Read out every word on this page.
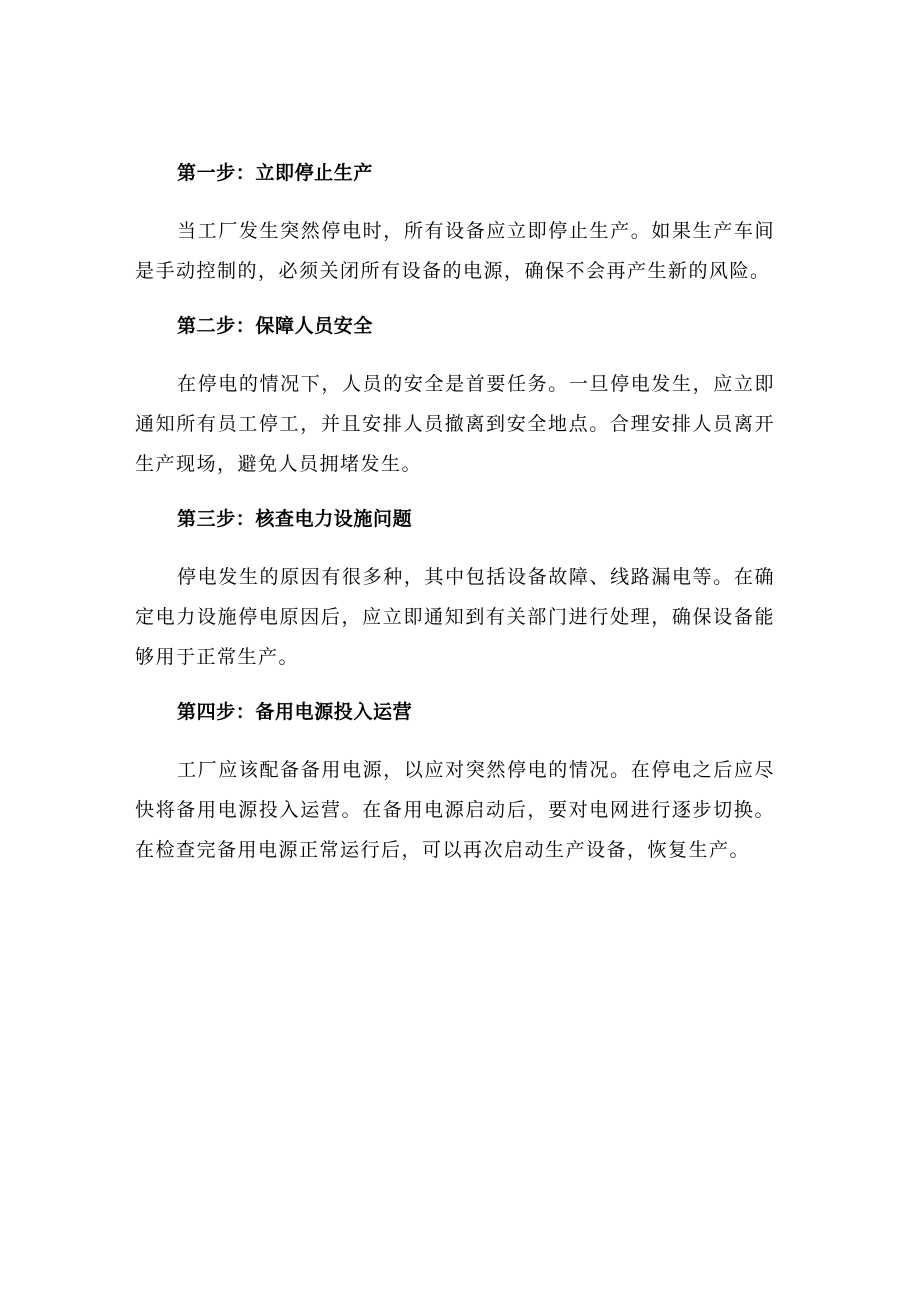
第一步：立即停止生产

当工厂发生突然停电时，所有设备应立即停止生产。如果生产车间是手动控制的，必须关闭所有设备的电源，确保不会再产生新的风险。

第二步：保障人员安全

在停电的情况下，人员的安全是首要任务。一旦停电发生，应立即通知所有员工停工，并且安排人员撤离到安全地点。合理安排人员离开生产现场，避免人员拥堵发生。

第三步：核查电力设施问题

停电发生的原因有很多种，其中包括设备故障、线路漏电等。在确定电力设施停电原因后，应立即通知到有关部门进行处理，确保设备能够用于正常生产。

第四步：备用电源投入运营

工厂应该配备备用电源，以应对突然停电的情况。在停电之后应尽快将备用电源投入运营。在备用电源启动后，要对电网进行逐步切换。在检查完备用电源正常运行后，可以再次启动生产设备，恢复生产。
